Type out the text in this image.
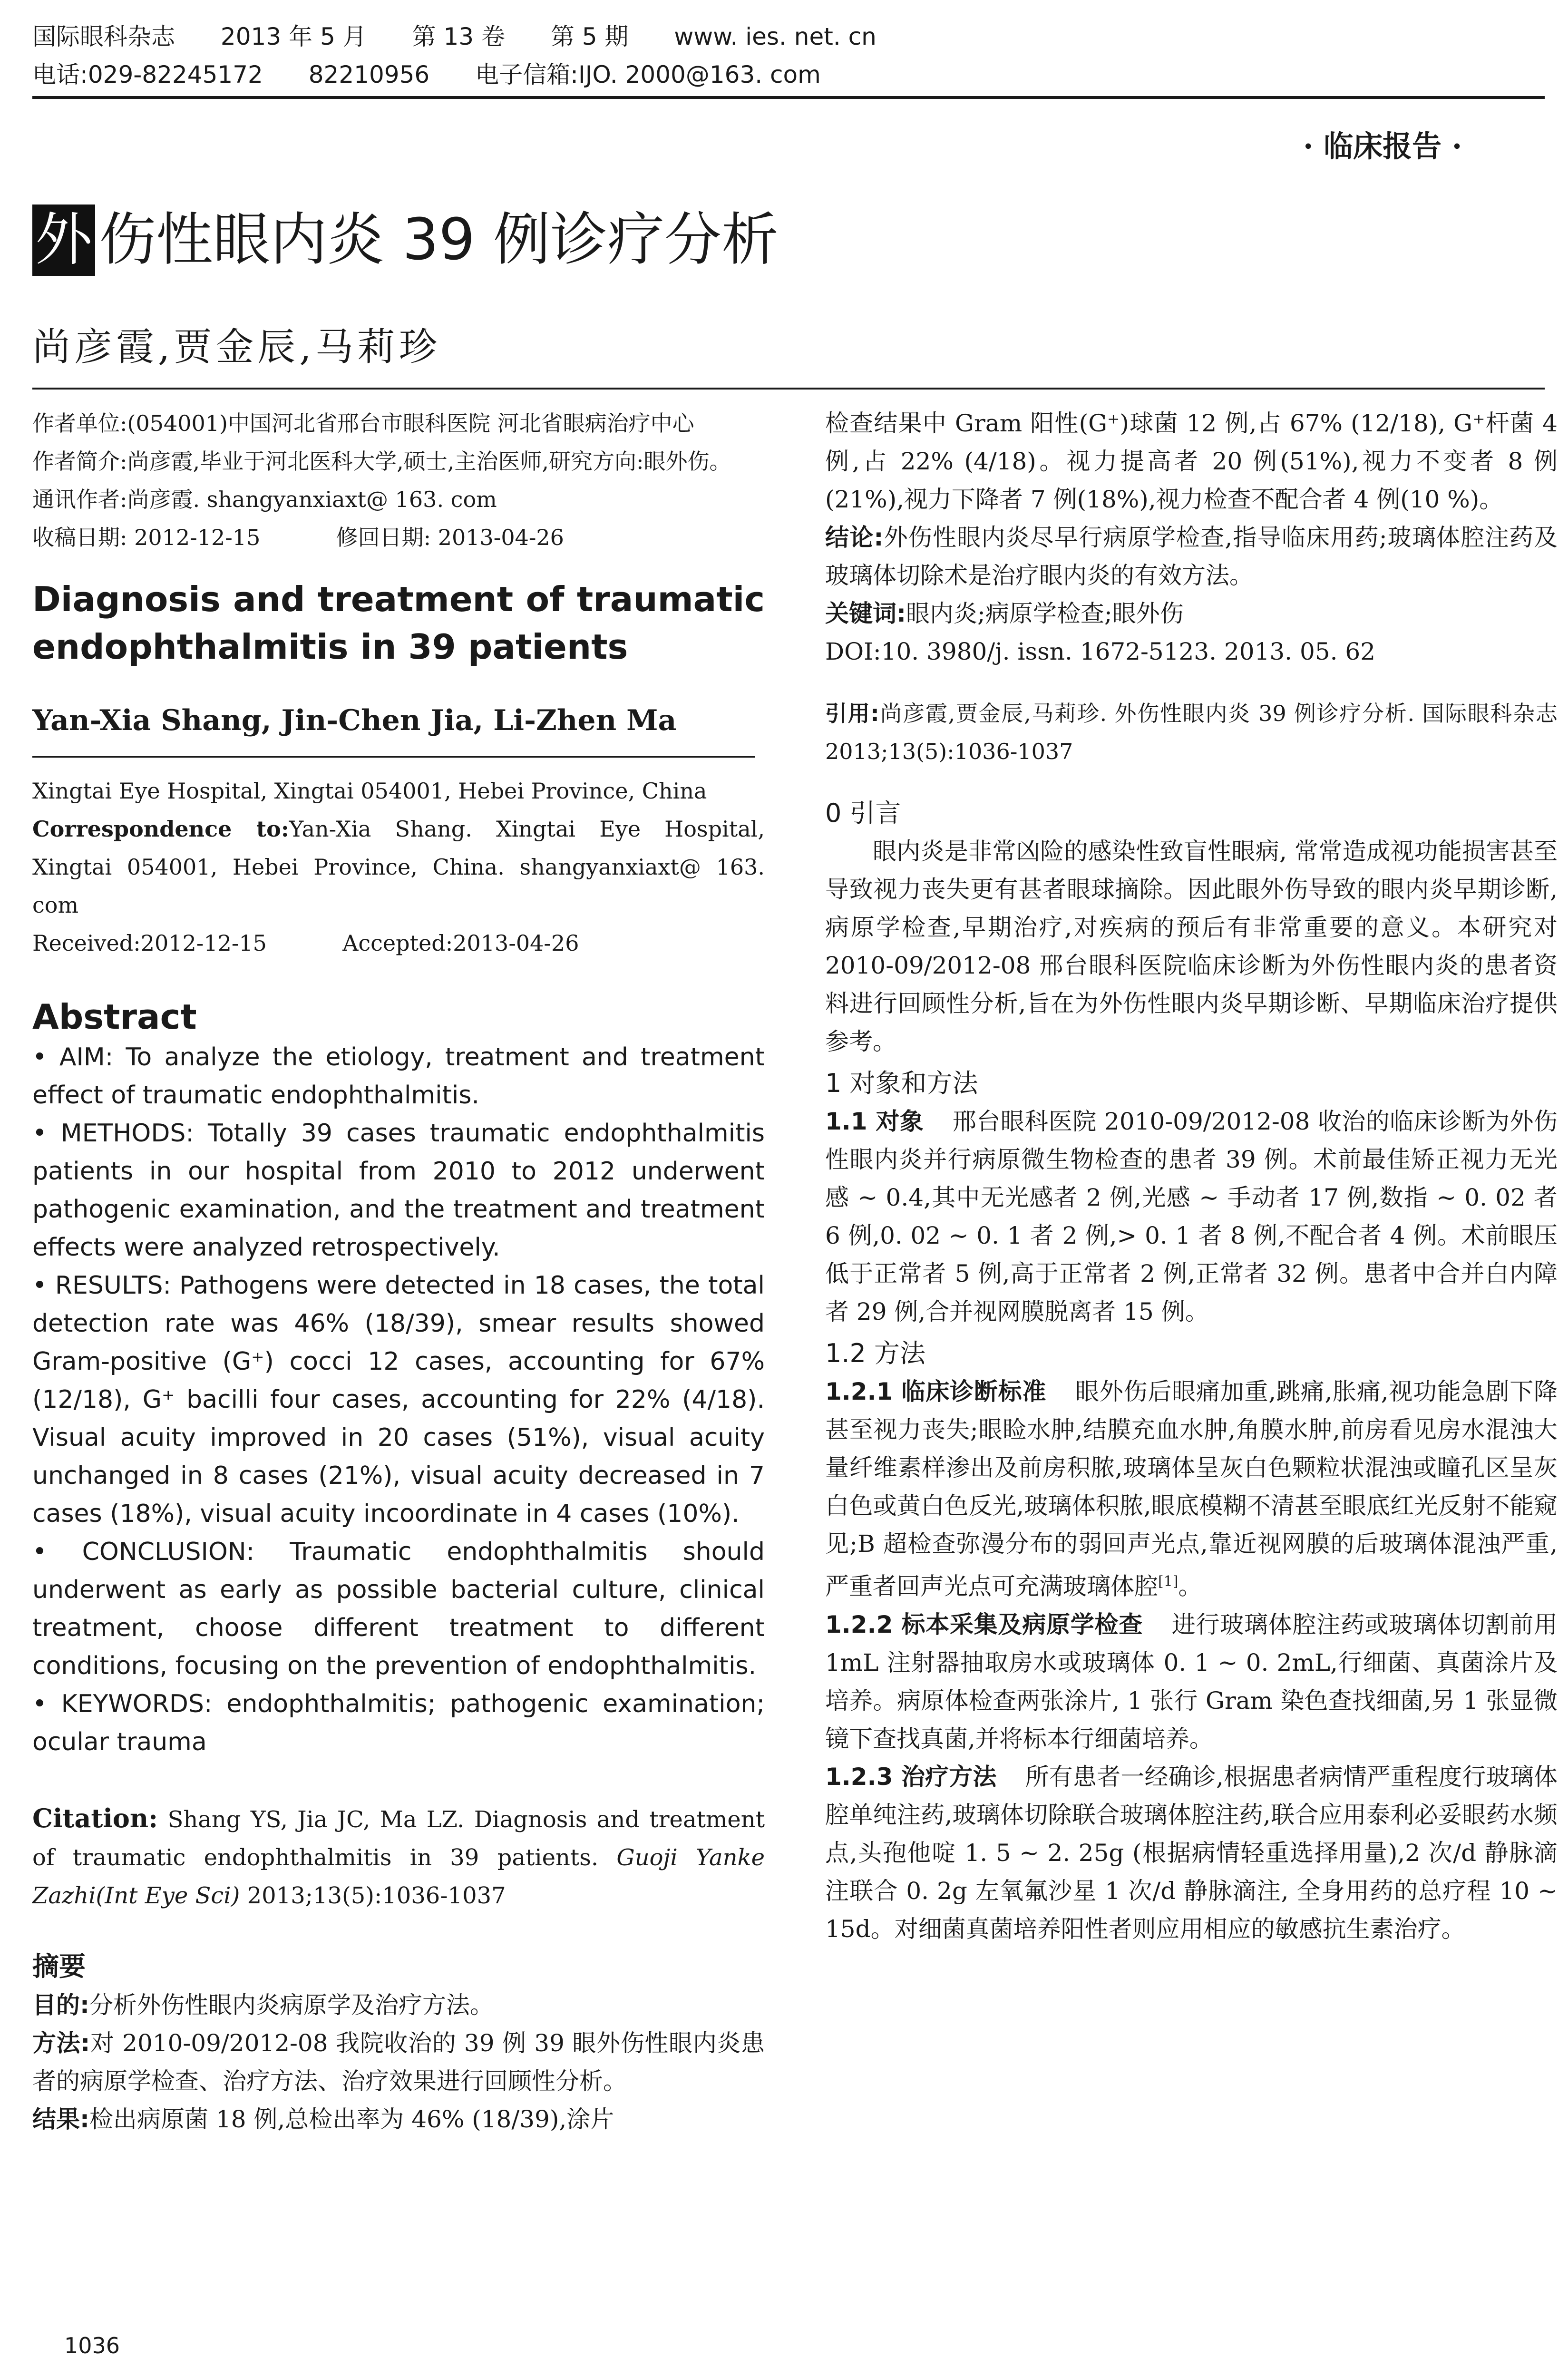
国际眼科杂志 2013 年 5 月 第 13 卷 第 5 期 www. ies. net. cn
电话:029-82245172 82210956 电子信箱:IJO. 2000@163. com
· 临床报告 ·
外 伤性眼内炎 39 例诊疗分析
尚彦霞,贾金辰,马莉珍

作者单位:(054001)中国河北省邢台市眼科医院 河北省眼病治疗中心

作者简介:尚彦霞,毕业于河北医科大学,硕士,主治医师,研究方向:眼外伤。

通讯作者:尚彦霞. shangyanxiaxt@ 163. com

收稿日期: 2012-12-15	修回日期: 2013-04-26

Diagnosis and treatment of traumatic endophthalmitis in 39 patients
Yan-Xia Shang, Jin-Chen Jia, Li-Zhen Ma

Xingtai Eye Hospital, Xingtai 054001, Hebei Province, China

Correspondence to:Yan-Xia Shang. Xingtai Eye Hospital, Xingtai 054001, Hebei Province, China. shangyanxiaxt@ 163. com

Received:2012-12-15	Accepted:2013-04-26

Abstract

• AIM: To analyze the etiology, treatment and treatment effect of traumatic endophthalmitis.

• METHODS: Totally 39 cases traumatic endophthalmitis patients in our hospital from 2010 to 2012 underwent pathogenic examination, and the treatment and treatment effects were analyzed retrospectively.

• RESULTS: Pathogens were detected in 18 cases, the total detection rate was 46% (18/39), smear results showed Gram-positive (G⁺) cocci 12 cases, accounting for 67% (12/18), G⁺ bacilli four cases, accounting for 22% (4/18). Visual acuity improved in 20 cases (51%), visual acuity unchanged in 8 cases (21%), visual acuity decreased in 7 cases (18%), visual acuity incoordinate in 4 cases (10%).

• CONCLUSION: Traumatic endophthalmitis should underwent as early as possible bacterial culture, clinical treatment, choose different treatment to different conditions, focusing on the prevention of endophthalmitis.

• KEYWORDS: endophthalmitis; pathogenic examination; ocular trauma

Citation: Shang YS, Jia JC, Ma LZ. Diagnosis and treatment of traumatic endophthalmitis in 39 patients. Guoji Yanke Zazhi(Int Eye Sci) 2013;13(5):1036-1037
摘要

目的:分析外伤性眼内炎病原学及治疗方法。

方法:对 2010-09/2012-08 我院收治的 39 例 39 眼外伤性眼内炎患者的病原学检查、治疗方法、治疗效果进行回顾性分析。

结果:检出病原菌 18 例,总检出率为 46% (18/39),涂片

检查结果中 Gram 阳性(G⁺)球菌 12 例,占 67% (12/18), G⁺杆菌 4 例,占 22% (4/18)。视力提高者 20 例(51%),视力不变者 8 例(21%),视力下降者 7 例(18%),视力检查不配合者 4 例(10 %)。

结论:外伤性眼内炎尽早行病原学检查,指导临床用药;玻璃体腔注药及玻璃体切除术是治疗眼内炎的有效方法。

关键词:眼内炎;病原学检查;眼外伤

DOI:10. 3980/j. issn. 1672-5123. 2013. 05. 62

引用:尚彦霞,贾金辰,马莉珍. 外伤性眼内炎 39 例诊疗分析. 国际眼科杂志 2013;13(5):1036-1037

0 引言

眼内炎是非常凶险的感染性致盲性眼病, 常常造成视功能损害甚至导致视力丧失更有甚者眼球摘除。因此眼外伤导致的眼内炎早期诊断,病原学检查,早期治疗,对疾病的预后有非常重要的意义。本研究对 2010-09/2012-08 邢台眼科医院临床诊断为外伤性眼内炎的患者资料进行回顾性分析,旨在为外伤性眼内炎早期诊断、早期临床治疗提供参考。

1 对象和方法

1.1 对象 邢台眼科医院 2010-09/2012-08 收治的临床诊断为外伤性眼内炎并行病原微生物检查的患者 39 例。术前最佳矫正视力无光感 ~ 0.4,其中无光感者 2 例,光感 ~ 手动者 17 例,数指 ~ 0. 02 者 6 例,0. 02 ~ 0. 1 者 2 例,> 0. 1 者 8 例,不配合者 4 例。术前眼压低于正常者 5 例,高于正常者 2 例,正常者 32 例。患者中合并白内障者 29 例,合并视网膜脱离者 15 例。

1.2 方法

1.2.1 临床诊断标准 眼外伤后眼痛加重,跳痛,胀痛,视功能急剧下降甚至视力丧失;眼睑水肿,结膜充血水肿,角膜水肿,前房看见房水混浊大量纤维素样渗出及前房积脓,玻璃体呈灰白色颗粒状混浊或瞳孔区呈灰白色或黄白色反光,玻璃体积脓,眼底模糊不清甚至眼底红光反射不能窥见;B 超检查弥漫分布的弱回声光点,靠近视网膜的后玻璃体混浊严重,严重者回声光点可充满玻璃体腔[1]。

1.2.2 标本采集及病原学检查 进行玻璃体腔注药或玻璃体切割前用 1mL 注射器抽取房水或玻璃体 0. 1 ~ 0. 2mL,行细菌、真菌涂片及培养。病原体检查两张涂片, 1 张行 Gram 染色查找细菌,另 1 张显微镜下查找真菌,并将标本行细菌培养。

1.2.3 治疗方法 所有患者一经确诊,根据患者病情严重程度行玻璃体腔单纯注药,玻璃体切除联合玻璃体腔注药,联合应用泰利必妥眼药水频点,头孢他啶 1. 5 ~ 2. 25g (根据病情轻重选择用量),2 次/d 静脉滴注联合 0. 2g 左氧氟沙星 1 次/d 静脉滴注, 全身用药的总疗程 10 ~ 15d。对细菌真菌培养阳性者则应用相应的敏感抗生素治疗。

1036
